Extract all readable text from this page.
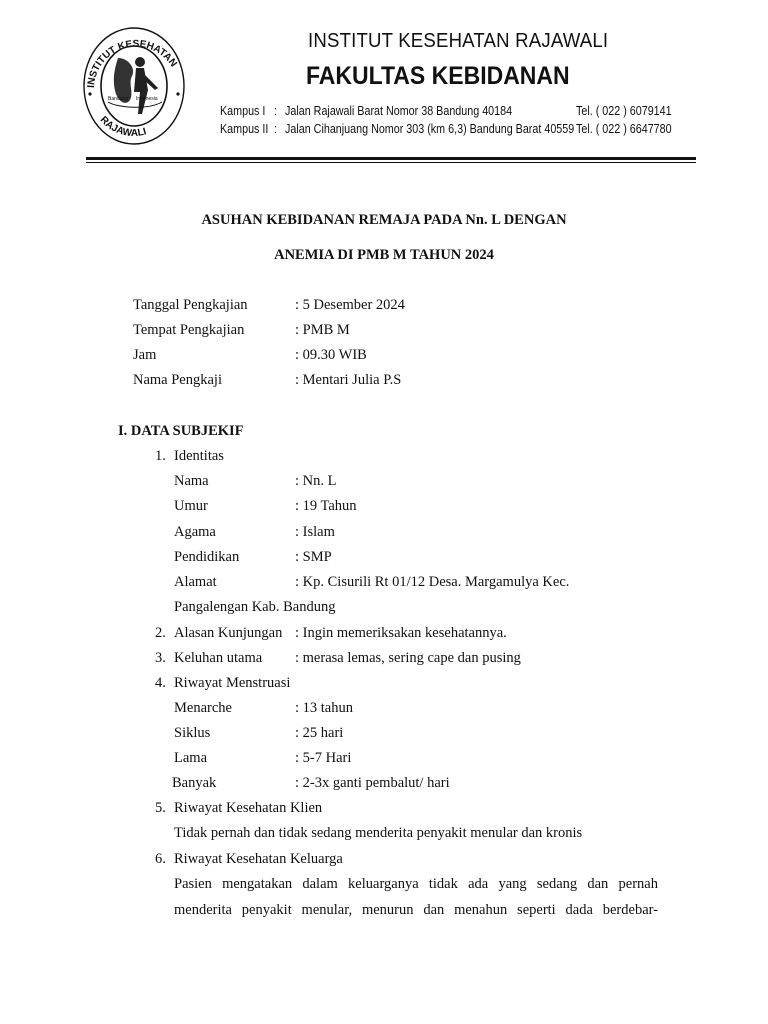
INSTITUT KESEHATAN
RAJAWALI
Bandung Indonesia
INSTITUT KESEHATAN RAJAWALI
FAKULTAS KEBIDANAN
Kampus I : Jalan Rajawali Barat Nomor 38 Bandung 40184	Tel. ( 022 ) 6079141
Kampus II : Jalan Cihanjuang Nomor 303 (km 6,3) Bandung Barat 40559 Tel. ( 022 ) 6647780
ASUHAN KEBIDANAN REMAJA PADA Nn. L DENGAN
ANEMIA DI PMB M TAHUN 2024
Tanggal Pengkajian	: 5 Desember 2024
Tempat Pengkajian	: PMB M
Jam	: 09.30 WIB
Nama Pengkaji	: Mentari Julia P.S
I. DATA SUBJEKIF
1. Identitas
Nama	: Nn. L
Umur	: 19 Tahun
Agama	: Islam
Pendidikan	: SMP
Alamat	: Kp. Cisurili Rt 01/12 Desa. Margamulya Kec.
Pangalengan Kab. Bandung
2. Alasan Kunjungan : Ingin memeriksakan kesehatannya.
3. Keluhan utama : merasa lemas, sering cape dan pusing
4. Riwayat Menstruasi
Menarche	: 13 tahun
Siklus	: 25 hari
Lama	: 5-7 Hari
Banyak	: 2-3x ganti pembalut/ hari
5. Riwayat Kesehatan Klien
Tidak pernah dan tidak sedang menderita penyakit menular dan kronis
6. Riwayat Kesehatan Keluarga
Pasien mengatakan dalam keluarganya tidak ada yang sedang dan pernah
menderita penyakit menular, menurun dan menahun seperti dada berdebar-
